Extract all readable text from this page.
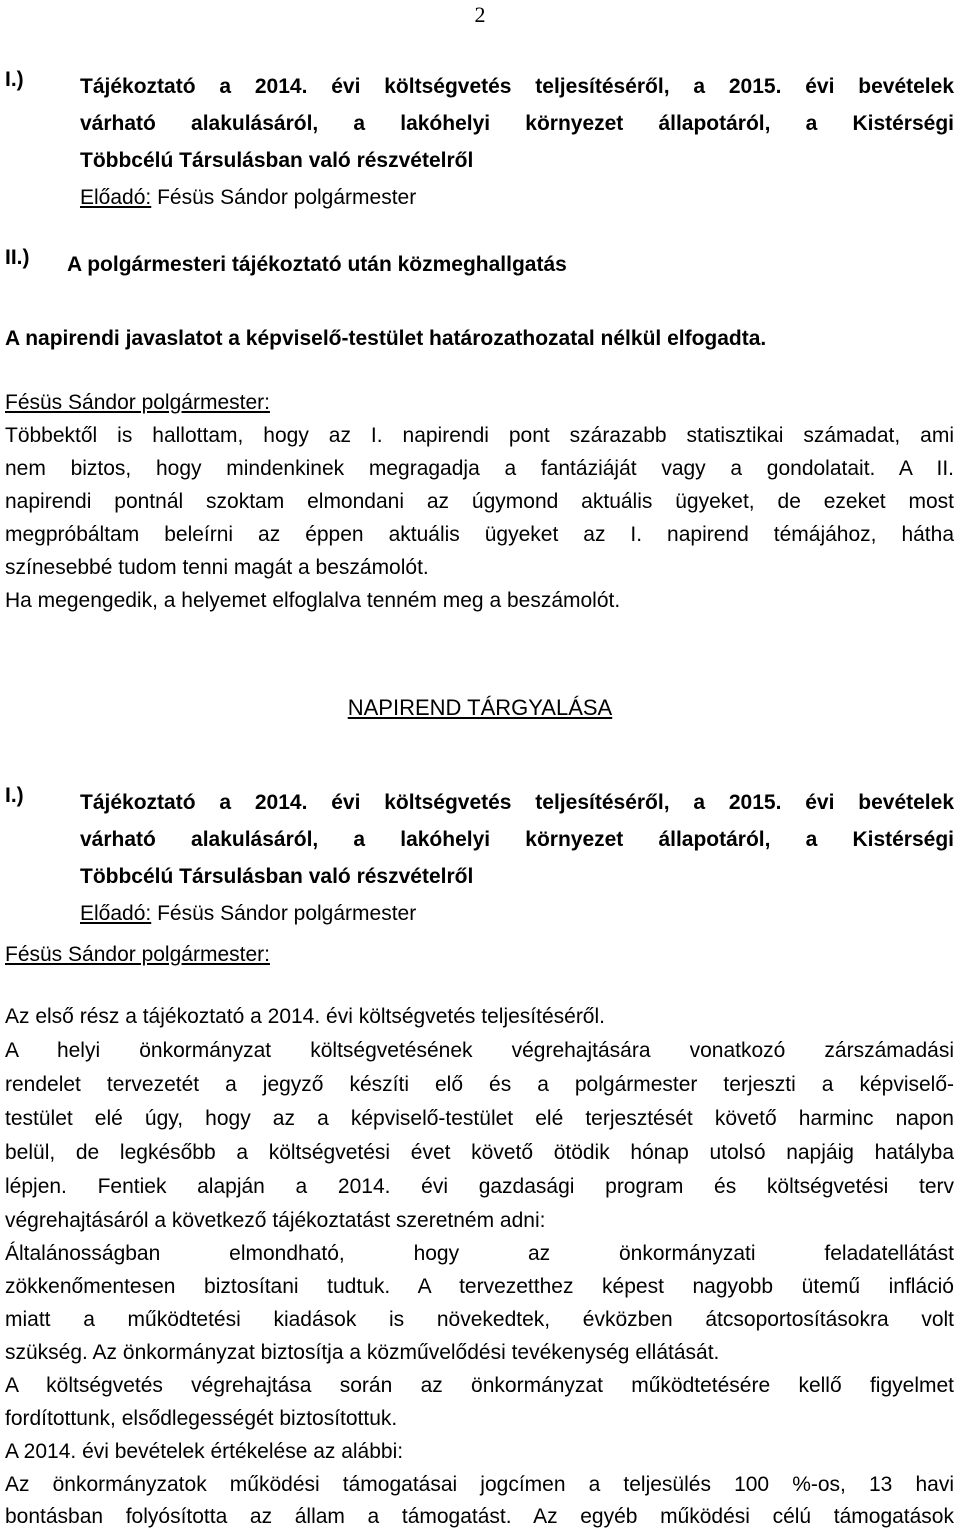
2
I.)	Tájékoztató a 2014. évi költségvetés teljesítéséről, a 2015. évi bevételek
várható alakulásáról, a lakóhelyi környezet állapotáról, a Kistérségi
Többcélú Társulásban való részvételről
Előadó: Fésüs Sándor polgármester
II.) A polgármesteri tájékoztató után közmeghallgatás
A napirendi javaslatot a képviselő-testület határozathozatal nélkül elfogadta.
Fésüs Sándor polgármester:
Többektől is hallottam, hogy az I. napirendi pont szárazabb statisztikai számadat, ami
nem biztos, hogy mindenkinek megragadja a fantáziáját vagy a gondolatait. A II.
napirendi pontnál szoktam elmondani az úgymond aktuális ügyeket, de ezeket most
megpróbáltam beleírni az éppen aktuális ügyeket az I. napirend témájához, hátha
színesebbé tudom tenni magát a beszámolót.
Ha megengedik, a helyemet elfoglalva tenném meg a beszámolót.
NAPIREND TÁRGYALÁSA
I.)	Tájékoztató a 2014. évi költségvetés teljesítéséről, a 2015. évi bevételek
várható alakulásáról, a lakóhelyi környezet állapotáról, a Kistérségi
Többcélú Társulásban való részvételről
Előadó: Fésüs Sándor polgármester
Fésüs Sándor polgármester:
Az első rész a tájékoztató a 2014. évi költségvetés teljesítéséről.
A helyi önkormányzat költségvetésének végrehajtására vonatkozó zárszámadási
rendelet tervezetét a jegyző készíti elő és a polgármester terjeszti a képviselő-
testület elé úgy, hogy az a képviselő-testület elé terjesztését követő harminc napon
belül, de legkésőbb a költségvetési évet követő ötödik hónap utolsó napjáig hatályba
lépjen. Fentiek alapján a 2014. évi gazdasági program és költségvetési terv
végrehajtásáról a következő tájékoztatást szeretném adni:
Általánosságban elmondható, hogy az önkormányzati feladatellátást
zökkenőmentesen biztosítani tudtuk. A tervezetthez képest nagyobb ütemű infláció
miatt a működtetési kiadások is növekedtek, évközben átcsoportosításokra volt
szükség. Az önkormányzat biztosítja a közművelődési tevékenység ellátását.
A költségvetés végrehajtása során az önkormányzat működtetésére kellő figyelmet
fordítottunk, elsődlegességét biztosítottuk.
A 2014. évi bevételek értékelése az alábbi:
Az önkormányzatok működési támogatásai jogcímen a teljesülés 100 %-os, 13 havi
bontásban folyósította az állam a támogatást. Az egyéb működési célú támogatások
